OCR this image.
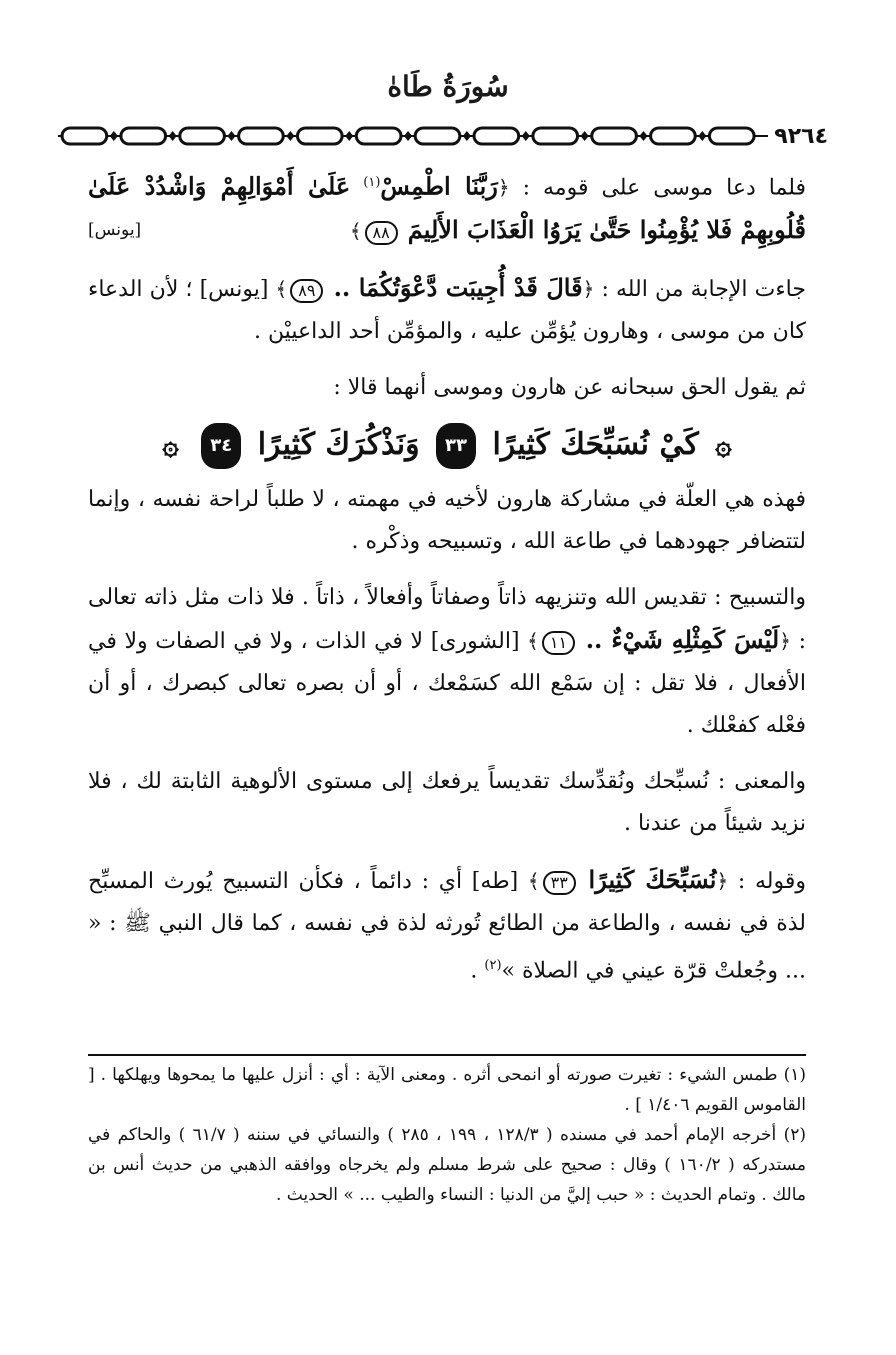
سُورَةُ طَاهٰ
٩٢٦٤

فلما دعا موسى على قومه : ﴿رَبَّنَا اطْمِسْ$^{(١)}$ عَلَىٰ أَمْوَالِهِمْ وَاشْدُدْ عَلَىٰ قُلُوبِهِمْ فَلا يُؤْمِنُوا حَتَّىٰ يَرَوُا الْعَذَابَ الأَلِيمَ ٨٨﴾
[يونس]

جاءت الإجابة من الله : ﴿قَالَ قَدْ أُجِيبَت دَّعْوَتُكُمَا .. ٨٩﴾ [يونس] ؛ لأن الدعاء كان من موسى ، وهارون يُؤمِّن عليه ، والمؤمِّن أحد الداعييْن .

ثم يقول الحق سبحانه عن هارون وموسى أنهما قالا :

۞ كَيْ نُسَبِّحَكَ كَثِيرًا ٣٣ وَنَذْكُرَكَ كَثِيرًا ٣٤ ۞

فهذه هي العلّة في مشاركة هارون لأخيه في مهمته ، لا طلباً لراحة نفسه ، وإنما لتتضافر جهودهما في طاعة الله ، وتسبيحه وذكْره .

والتسبيح : تقديس الله وتنزيهه ذاتاً وصفاتاً وأفعالاً ، ذاتاً . فلا ذات مثل ذاته تعالى : ﴿لَيْسَ كَمِثْلِهِ شَيْءٌ .. ١١﴾ [الشورى] لا في الذات ، ولا في الصفات ولا في الأفعال ، فلا تقل : إن سَمْع الله كسَمْعك ، أو أن بصره تعالى كبصرك ، أو أن فعْله كفعْلك .

والمعنى : نُسبِّحك ونُقدِّسك تقديساً يرفعك إلى مستوى الألوهية الثابتة لك ، فلا نزيد شيئاً من عندنا .

وقوله : ﴿نُسَبِّحَكَ كَثِيرًا ٣٣﴾ [طه] أي : دائماً ، فكأن التسبيح يُورث المسبِّح لذة في نفسه ، والطاعة من الطائع تُورثه لذة في نفسه ، كما قال النبي ﷺ : « ... وجُعلتْ قرّة عيني في الصلاة »$^{(٢)}$ .

(١) طمس الشيء : تغيرت صورته أو انمحى أثره . ومعنى الآية : أي : أنزل عليها ما يمحوها ويهلكها . [ القاموس القويم ١/٤٠٦ ] .

(٢) أخرجه الإمام أحمد في مسنده ( ١٢٨/٣ ، ١٩٩ ، ٢٨٥ ) والنسائي في سننه ( ٦١/٧ ) والحاكم في مستدركه ( ١٦٠/٢ ) وقال : صحيح على شرط مسلم ولم يخرجاه ووافقه الذهبي من حديث أنس بن مالك . وتمام الحديث : « حبب إليَّ من الدنيا : النساء والطيب ... » الحديث .
